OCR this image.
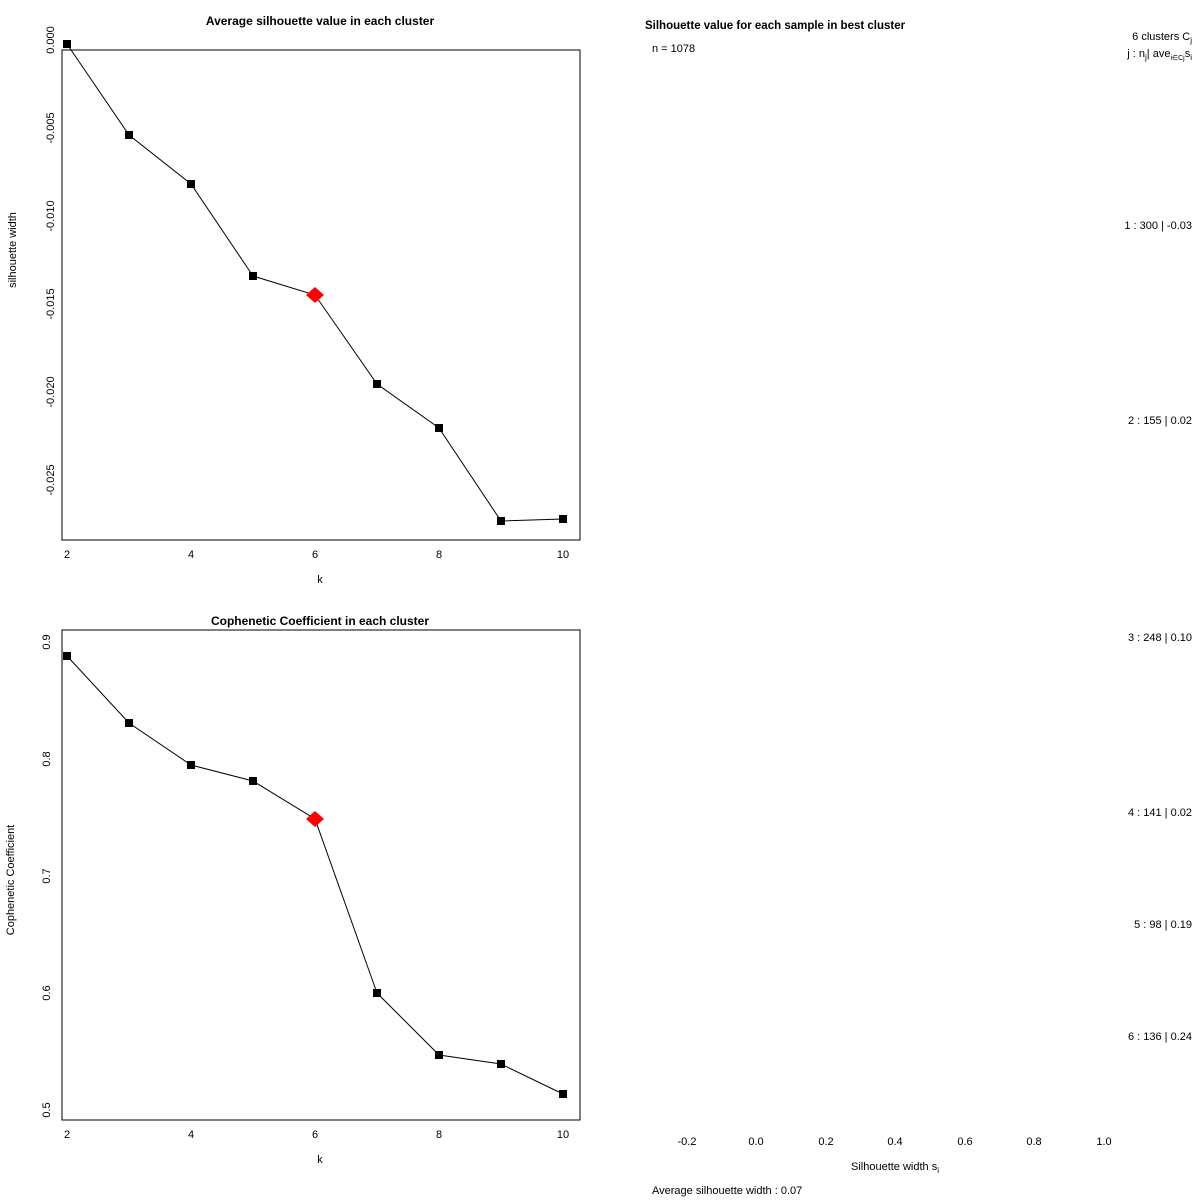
Average silhouette value in each cluster
0.000
-0.005
-0.010
-0.015
-0.020
-0.025
2	4	6	8	10
k
silhouette width
Cophenetic Coefficient in each cluster
0.5
0.6
0.7
0.8
0.9
2	4	6	8	10
k
Cophenetic Coefficient
Silhouette value for each sample in best cluster
n = 1078
6 clusters $C_j$
j : $n_j|$ $ave_{i\in Cj}s_i$
1 : 300 | -0.03
2 : 155 | 0.02
3 : 248 | 0.10
4 : 141 | 0.02
5 : 98 | 0.19
6 : 136 | 0.24
-0.2	0.0	0.2	0.4	0.6	0.8	1.0
Silhouette width $s_i$
Average silhouette width : 0.07
